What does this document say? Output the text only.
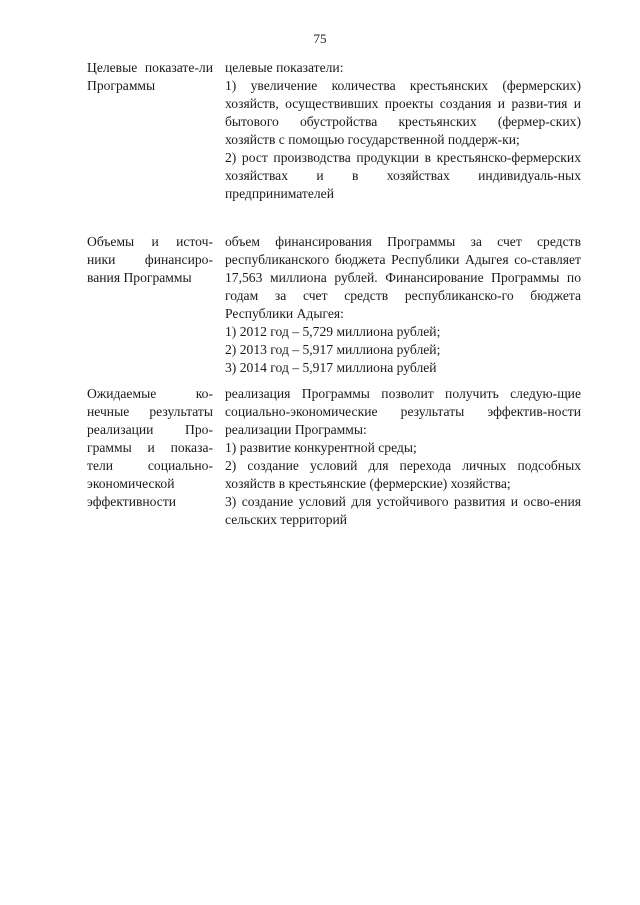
75
Целевые показате-ли Программы

целевые показатели:

1) увеличение количества крестьянских (фермерских) хозяйств, осуществивших проекты создания и разви-тия и бытового обустройства крестьянских (фермер-ских) хозяйств с помощью государственной поддерж-ки;

2) рост производства продукции в крестьянско-фермерских хозяйствах и в хозяйствах индивидуаль-ных предпринимателей

Объемы и источ-ники финансиро-вания Программы

объем финансирования Программы за счет средств республиканского бюджета Республики Адыгея со-ставляет 17,563 миллиона рублей. Финансирование Программы по годам за счет средств республиканско-го бюджета Республики Адыгея:

1) 2012 год – 5,729 миллиона рублей;

2) 2013 год – 5,917 миллиона рублей;

3) 2014 год – 5,917 миллиона рублей

Ожидаемые ко-нечные результаты реализации Про-граммы и показа-тели социально-экономической эффективности

реализация Программы позволит получить следую-щие социально-экономические результаты эффектив-ности реализации Программы:

1) развитие конкурентной среды;

2) создание условий для перехода личных подсобных хозяйств в крестьянские (фермерские) хозяйства;

3) создание условий для устойчивого развития и осво-ения сельских территорий
